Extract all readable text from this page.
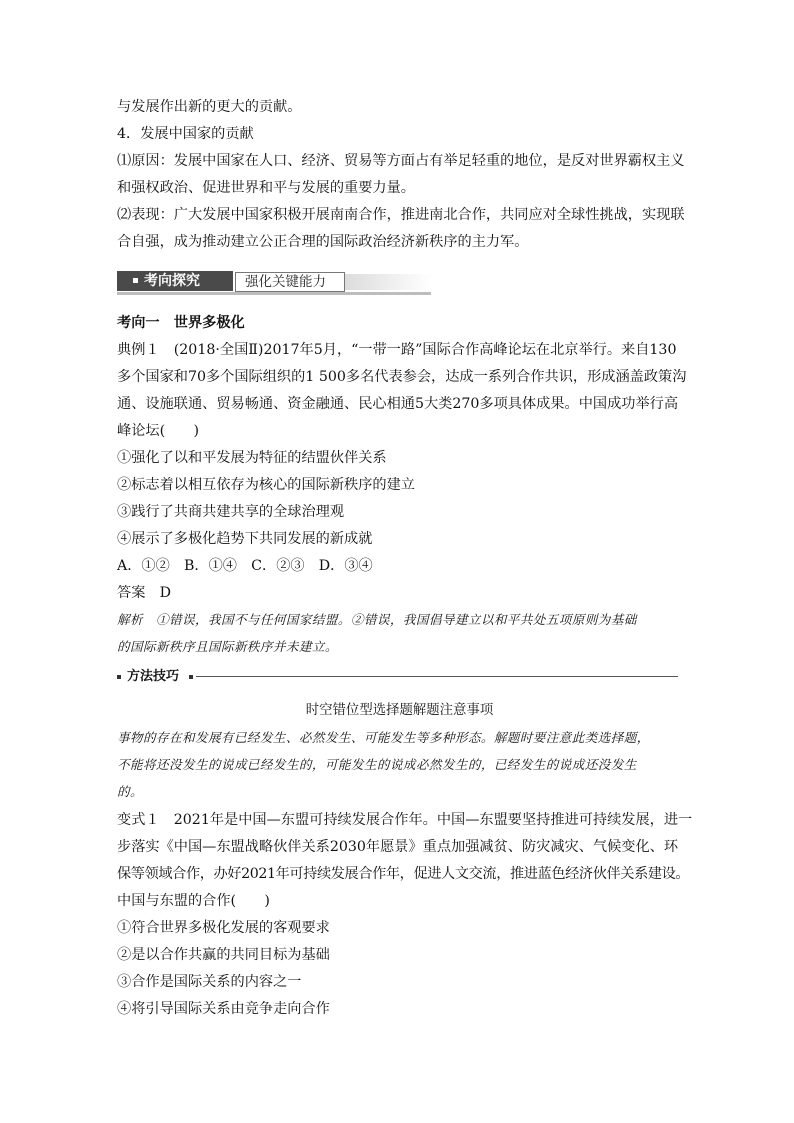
与发展作出新的更大的贡献。
4．发展中国家的贡献
⑴原因：发展中国家在人口、经济、贸易等方面占有举足轻重的地位，是反对世界霸权主义
和强权政治、促进世界和平与发展的重要力量。
⑵表现：广大发展中国家积极开展南南合作，推进南北合作，共同应对全球性挑战，实现联
合自强，成为推动建立公正合理的国际政治经济新秩序的主力军。
考向探究	强化关键能力
考向一　世界多极化
典例１　(2018·全国Ⅱ)2017年5月，“一带一路”国际合作高峰论坛在北京举行。来自130
多个国家和70多个国际组织的1 500多名代表参会，达成一系列合作共识，形成涵盖政策沟
通、设施联通、贸易畅通、资金融通、民心相通5大类270多项具体成果。中国成功举行高
峰论坛(　　)
①强化了以和平发展为特征的结盟伙伴关系
②标志着以相互依存为核心的国际新秩序的建立
③践行了共商共建共享的全球治理观
④展示了多极化趋势下共同发展的新成就
A．①②　B．①④　C．②③　D．③④
答案　D
解析　①错误，我国不与任何国家结盟。②错误，我国倡导建立以和平共处五项原则为基础
的国际新秩序且国际新秩序并未建立。
方法技巧
时空错位型选择题解题注意事项
事物的存在和发展有已经发生、必然发生、可能发生等多种形态。解题时要注意此类选择题，
不能将还没发生的说成已经发生的，可能发生的说成必然发生的，已经发生的说成还没发生
的。
变式１　2021年是中国—东盟可持续发展合作年。中国—东盟要坚持推进可持续发展，进一
步落实《中国—东盟战略伙伴关系2030年愿景》重点加强减贫、防灾减灾、气候变化、环
保等领域合作，办好2021年可持续发展合作年，促进人文交流，推进蓝色经济伙伴关系建设。
中国与东盟的合作(　　)
①符合世界多极化发展的客观要求
②是以合作共赢的共同目标为基础
③合作是国际关系的内容之一
④将引导国际关系由竞争走向合作
